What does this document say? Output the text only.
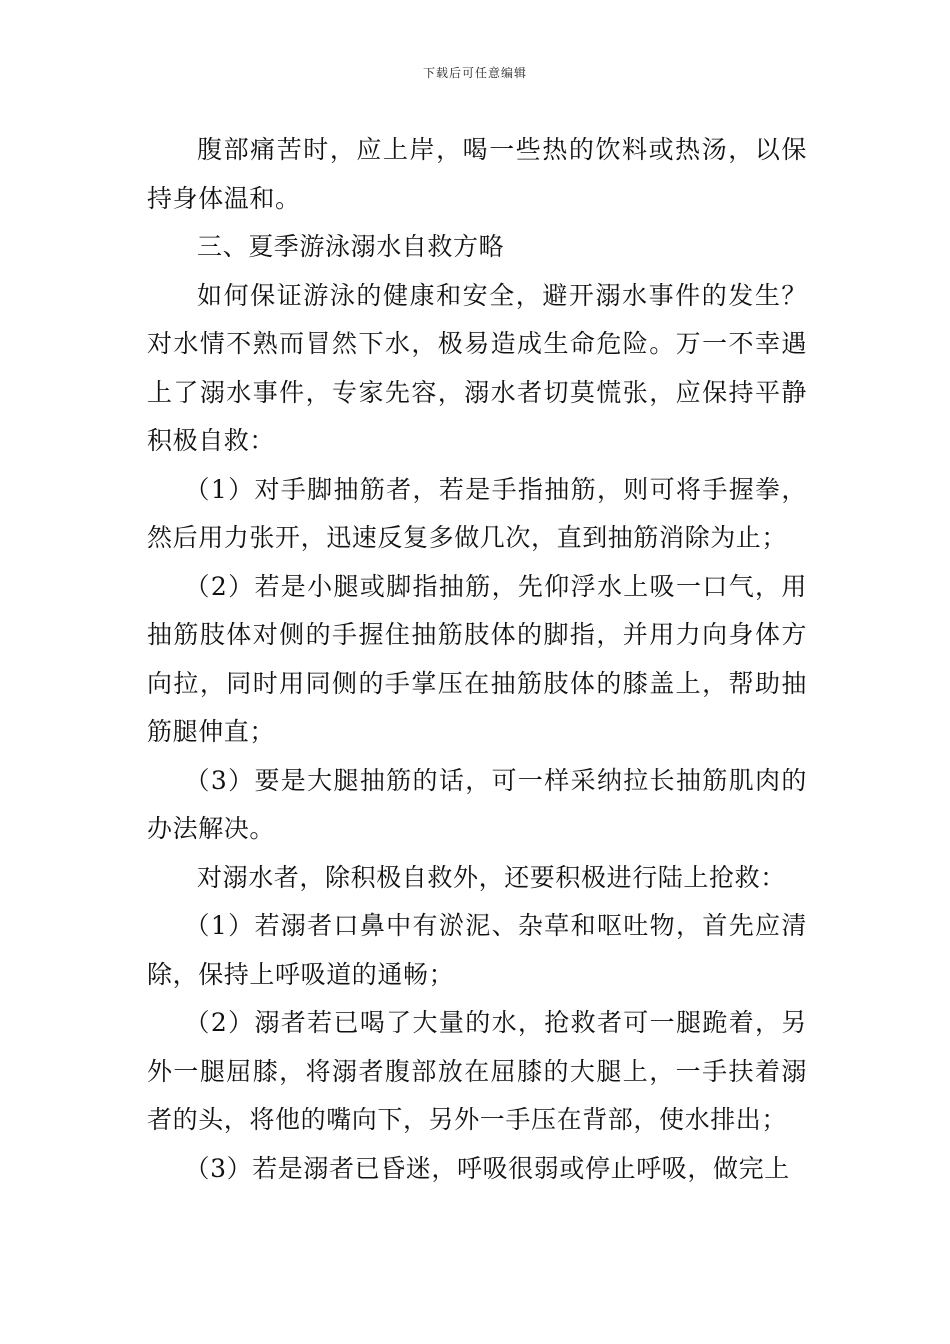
下载后可任意编辑

腹部痛苦时，应上岸，喝一些热的饮料或热汤，以保持身体温和。

三、夏季游泳溺水自救方略

如何保证游泳的健康和安全，避开溺水事件的发生？对水情不熟而冒然下水，极易造成生命危险。万一不幸遇上了溺水事件，专家先容，溺水者切莫慌张，应保持平静积极自救：

（1）对手脚抽筋者，若是手指抽筋，则可将手握拳，然后用力张开，迅速反复多做几次，直到抽筋消除为止；

（2）若是小腿或脚指抽筋，先仰浮水上吸一口气，用抽筋肢体对侧的手握住抽筋肢体的脚指，并用力向身体方向拉，同时用同侧的手掌压在抽筋肢体的膝盖上，帮助抽筋腿伸直；

（3）要是大腿抽筋的话，可一样采纳拉长抽筋肌肉的办法解决。

对溺水者，除积极自救外，还要积极进行陆上抢救：

（1）若溺者口鼻中有淤泥、杂草和呕吐物，首先应清除，保持上呼吸道的通畅；

（2）溺者若已喝了大量的水，抢救者可一腿跪着，另外一腿屈膝，将溺者腹部放在屈膝的大腿上，一手扶着溺者的头，将他的嘴向下，另外一手压在背部，使水排出；

（3）若是溺者已昏迷，呼吸很弱或停止呼吸，做完上
